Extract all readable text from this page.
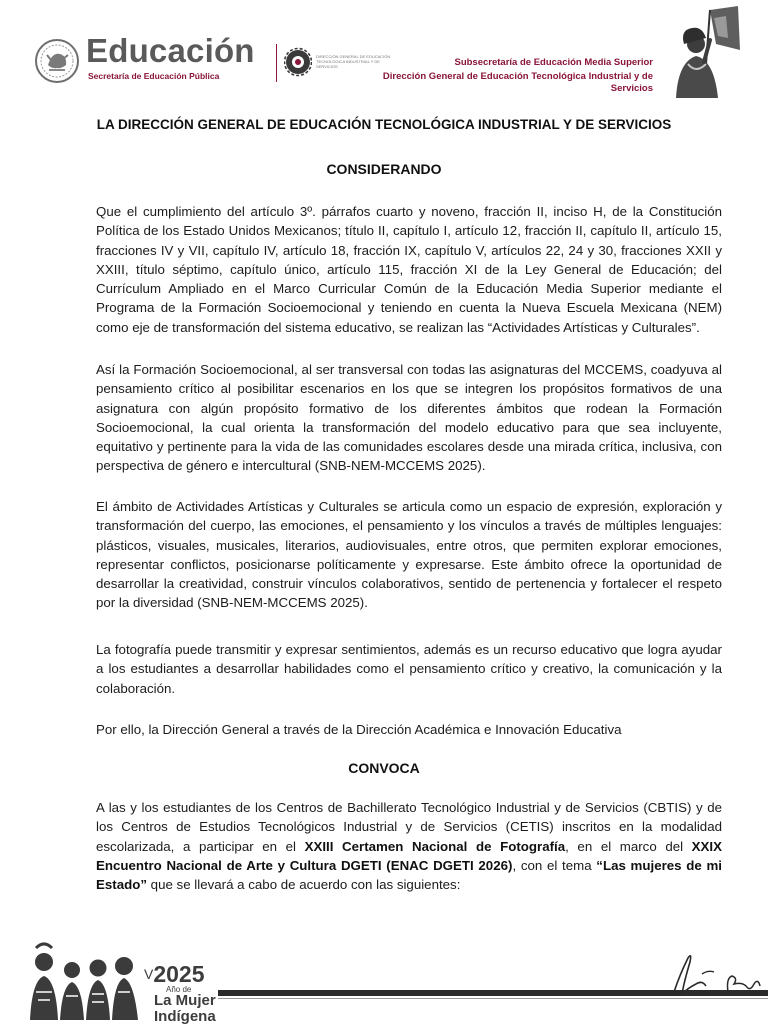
Educación
Secretaría de Educación Pública
DIRECCIÓN GENERAL DE EDUCACIÓN TECNOLÓGICA INDUSTRIAL Y DE SERVICIOS	Subsecretaría de Educación Media Superior
Dirección General de Educación Tecnológica Industrial y de Servicios
LA DIRECCIÓN GENERAL DE EDUCACIÓN TECNOLÓGICA INDUSTRIAL Y DE SERVICIOS
CONSIDERANDO
Que el cumplimiento del artículo 3º. párrafos cuarto y noveno, fracción II, inciso H, de la Constitución Política de los Estado Unidos Mexicanos; título II, capítulo I, artículo 12, fracción II, capítulo II, artículo 15, fracciones IV y VII, capítulo IV, artículo 18, fracción IX, capítulo V, artículos 22, 24 y 30, fracciones XXII y XXIII, título séptimo, capítulo único, artículo 115, fracción XI de la Ley General de Educación; del Currículum Ampliado en el Marco Curricular Común de la Educación Media Superior mediante el Programa de la Formación Socioemocional y teniendo en cuenta la Nueva Escuela Mexicana (NEM) como eje de transformación del sistema educativo, se realizan las “Actividades Artísticas y Culturales”.
Así la Formación Socioemocional, al ser transversal con todas las asignaturas del MCCEMS, coadyuva al pensamiento crítico al posibilitar escenarios en los que se integren los propósitos formativos de una asignatura con algún propósito formativo de los diferentes ámbitos que rodean la Formación Socioemocional, la cual orienta la transformación del modelo educativo para que sea incluyente, equitativo y pertinente para la vida de las comunidades escolares desde una mirada crítica, inclusiva, con perspectiva de género e intercultural (SNB-NEM-MCCEMS 2025).
El ámbito de Actividades Artísticas y Culturales se articula como un espacio de expresión, exploración y transformación del cuerpo, las emociones, el pensamiento y los vínculos a través de múltiples lenguajes: plásticos, visuales, musicales, literarios, audiovisuales, entre otros, que permiten explorar emociones, representar conflictos, posicionarse políticamente y expresarse. Este ámbito ofrece la oportunidad de desarrollar la creatividad, construir vínculos colaborativos, sentido de pertenencia y fortalecer el respeto por la diversidad (SNB-NEM-MCCEMS 2025).
La fotografía puede transmitir y expresar sentimientos, además es un recurso educativo que logra ayudar a los estudiantes a desarrollar habilidades como el pensamiento crítico y creativo, la comunicación y la colaboración.
Por ello, la Dirección General a través de la Dirección Académica e Innovación Educativa
CONVOCA
A las y los estudiantes de los Centros de Bachillerato Tecnológico Industrial y de Servicios (CBTIS) y de los Centros de Estudios Tecnológicos Industrial y de Servicios (CETIS) inscritos en la modalidad escolarizada, a participar en el XXIII Certamen Nacional de Fotografía, en el marco del XXIX Encuentro Nacional de Arte y Cultura DGETI (ENAC DGETI 2026), con el tema “Las mujeres de mi Estado” que se llevará a cabo de acuerdo con las siguientes:
$^V$2025
Año de
La Mujer
Indígena
